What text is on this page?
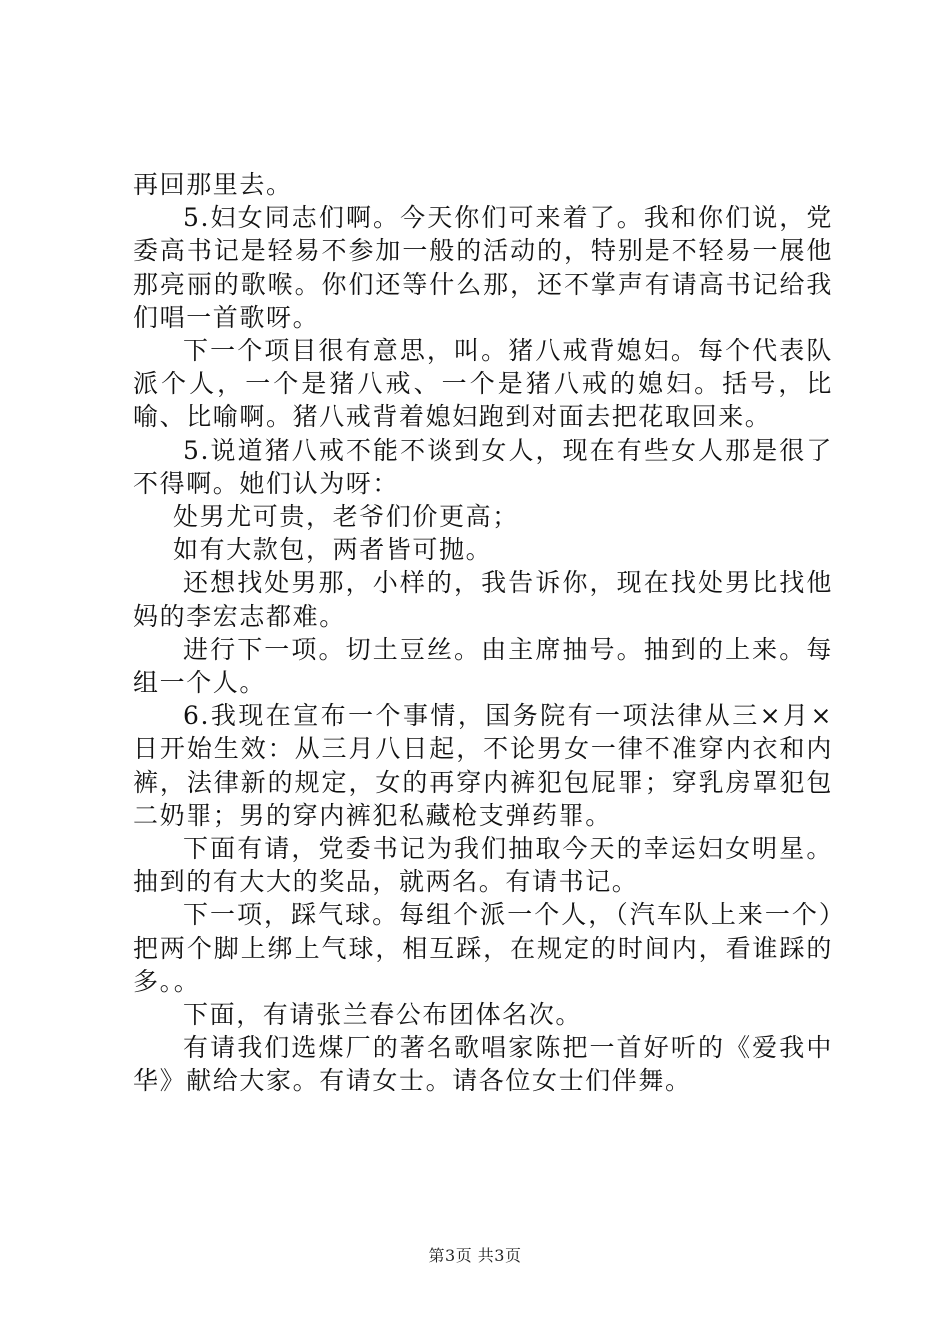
再回那里去。

5.妇女同志们啊。今天你们可来着了。我和你们说，党委高书记是轻易不参加一般的活动的，特别是不轻易一展他那亮丽的歌喉。你们还等什么那，还不掌声有请高书记给我们唱一首歌呀。

下一个项目很有意思，叫。猪八戒背媳妇。每个代表队派个人，一个是猪八戒、一个是猪八戒的媳妇。括号，比喻、比喻啊。猪八戒背着媳妇跑到对面去把花取回来。

5.说道猪八戒不能不谈到女人，现在有些女人那是很了不得啊。她们认为呀：

处男尤可贵，老爷们价更高；

如有大款包，两者皆可抛。

还想找处男那，小样的，我告诉你，现在找处男比找他妈的李宏志都难。

进行下一项。切土豆丝。由主席抽号。抽到的上来。每组一个人。

6.我现在宣布一个事情，国务院有一项法律从三×月×日开始生效：从三月八日起，不论男女一律不准穿内衣和内裤，法律新的规定，女的再穿内裤犯包屁罪；穿乳房罩犯包二奶罪；男的穿内裤犯私藏枪支弹药罪。

下面有请，党委书记为我们抽取今天的幸运妇女明星。抽到的有大大的奖品，就两名。有请书记。

下一项，踩气球。每组个派一个人，（汽车队上来一个）把两个脚上绑上气球，相互踩，在规定的时间内，看谁踩的多。。

下面，有请张兰春公布团体名次。

有请我们选煤厂的著名歌唱家陈把一首好听的《爱我中华》献给大家。有请女士。请各位女士们伴舞。

第3页 共3页
